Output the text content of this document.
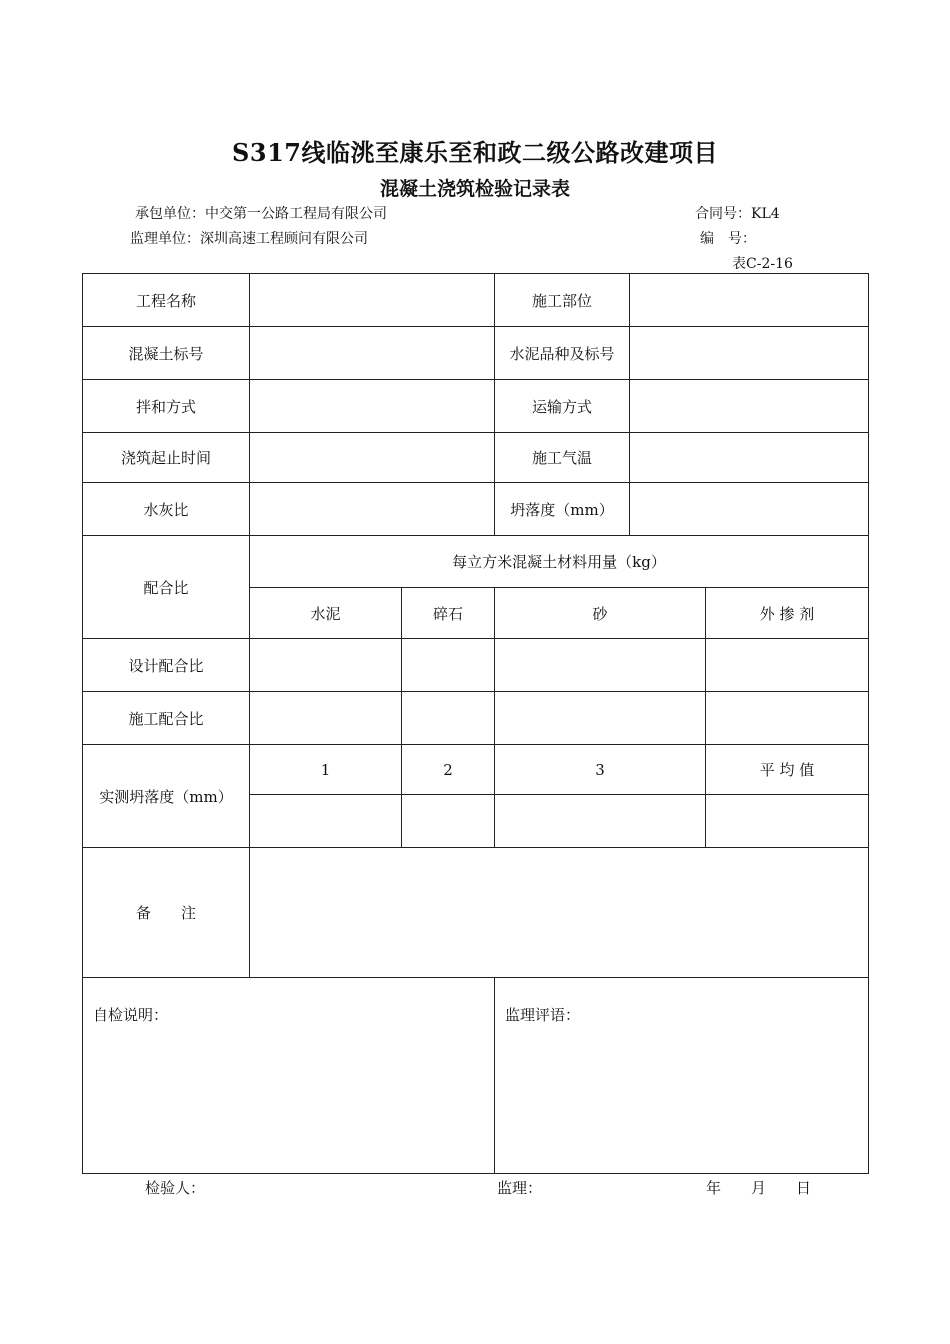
S317线临洮至康乐至和政二级公路改建项目
混凝土浇筑检验记录表
承包单位：中交第一公路工程局有限公司	合同号：KL4
监理单位：深圳高速工程顾问有限公司	编　号：
表C-2-16
工程名称			施工部位		
混凝土标号			水泥品种及标号		
拌和方式			运输方式		
浇筑起止时间			施工气温		
水灰比			坍落度（mm）		
配合比	每立方米混凝土材料用量（kg）				
	水泥	碎石	砂		外 掺 剂
设计配合比					
施工配合比					
实测坍落度（mm）	1	2	3		平 均 值

备　　注					
自检说明：			监理评语：		
检验人：	监理：	年　　月　　日
